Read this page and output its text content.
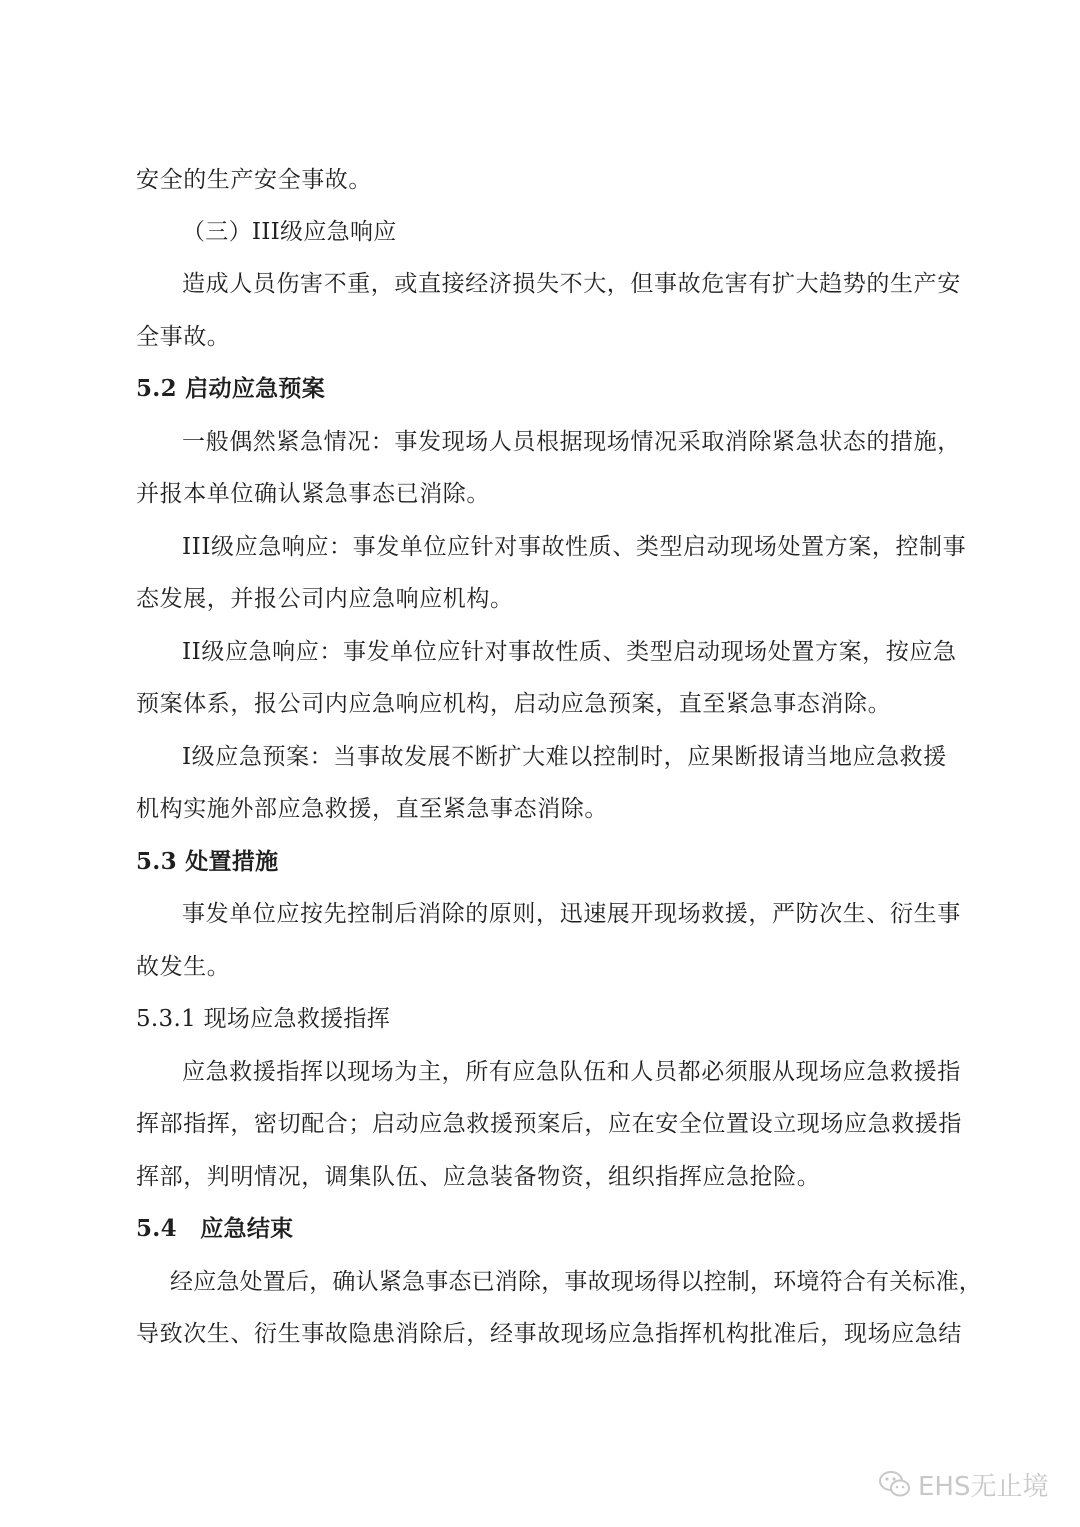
安全的生产安全事故。
（三）III级应急响应
造成人员伤害不重，或直接经济损失不大，但事故危害有扩大趋势的生产安
全事故。
5.2 启动应急预案
一般偶然紧急情况：事发现场人员根据现场情况采取消除紧急状态的措施，
并报本单位确认紧急事态已消除。
III级应急响应：事发单位应针对事故性质、类型启动现场处置方案，控制事
态发展，并报公司内应急响应机构。
II级应急响应：事发单位应针对事故性质、类型启动现场处置方案，按应急
预案体系，报公司内应急响应机构，启动应急预案，直至紧急事态消除。
I级应急预案：当事故发展不断扩大难以控制时，应果断报请当地应急救援
机构实施外部应急救援，直至紧急事态消除。
5.3 处置措施
事发单位应按先控制后消除的原则，迅速展开现场救援，严防次生、衍生事
故发生。
5.3.1 现场应急救援指挥
应急救援指挥以现场为主，所有应急队伍和人员都必须服从现场应急救援指
挥部指挥，密切配合；启动应急救援预案后，应在安全位置设立现场应急救援指
挥部，判明情况，调集队伍、应急装备物资，组织指挥应急抢险。
5.4　应急结束
经应急处置后，确认紧急事态已消除，事故现场得以控制，环境符合有关标准，
导致次生、衍生事故隐患消除后，经事故现场应急指挥机构批准后，现场应急结
EHS无止境
